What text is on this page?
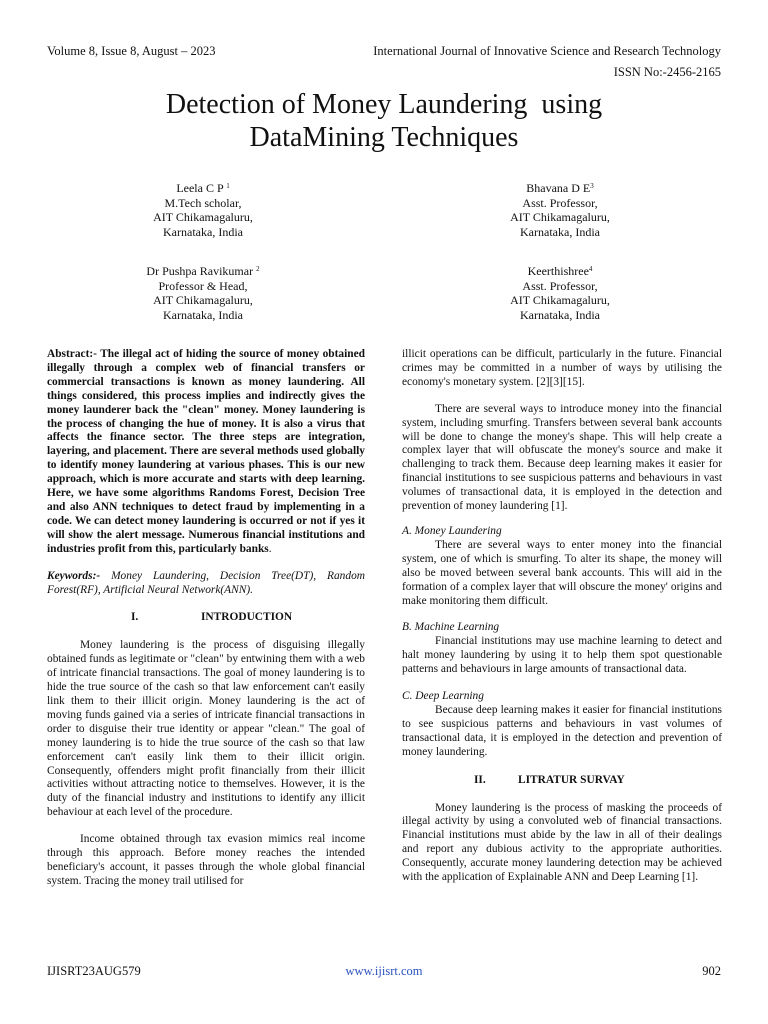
Volume 8, Issue 8, August – 2023	International Journal of Innovative Science and Research Technology
ISSN No:-2456-2165
Detection of Money Laundering  using
DataMining Techniques
Leela C P $^1$
M.Tech scholar,
AIT Chikamagaluru,
Karnataka, India
Bhavana D $E^3$
Asst. Professor,
AIT Chikamagaluru,
Karnataka, India
Dr Pushpa Ravikumar $^2$
Professor & Head,
AIT Chikamagaluru,
Karnataka, India
Keerthishree$^4$
Asst. Professor,
AIT Chikamagaluru,
Karnataka, India

Abstract:- The illegal act of hiding the source of money obtained illegally through a complex web of financial transfers or commercial transactions is known as money laundering. All things considered, this process implies and indirectly gives the money launderer back the "clean" money. Money laundering is the process of changing the hue of money. It is also a virus that affects the finance sector. The three steps are integration, layering, and placement. There are several methods used globally to identify money laundering at various phases. This is our new approach, which is more accurate and starts with deep learning. Here, we have some algorithms Randoms Forest, Decision Tree and also ANN techniques to detect fraud by implementing in a code. We can detect money laundering is occurred or not if yes it will show the alert message. Numerous financial institutions and industries profit from this, particularly banks.

Keywords:- Money Laundering, Decision Tree(DT), Random Forest(RF), Artificial Neural Network(ANN).

I.	INTRODUCTION

Money laundering is the process of disguising illegally obtained funds as legitimate or "clean" by entwining them with a web of intricate financial transactions. The goal of money laundering is to hide the true source of the cash so that law enforcement can't easily link them to their illicit origin. Money laundering is the act of moving funds gained via a series of intricate financial transactions in order to disguise their true identity or appear "clean." The goal of money laundering is to hide the true source of the cash so that law enforcement can't easily link them to their illicit origin. Consequently, offenders might profit financially from their illicit activities without attracting notice to themselves. However, it is the duty of the financial industry and institutions to identify any illicit behaviour at each level of the procedure.

Income obtained through tax evasion mimics real income through this approach. Before money reaches the intended beneficiary's account, it passes through the whole global financial system. Tracing the money trail utilised for

illicit operations can be difficult, particularly in the future. Financial crimes may be committed in a number of ways by utilising the economy's monetary system. [2][3][15].

There are several ways to introduce money into the financial system, including smurfing. Transfers between several bank accounts will be done to change the money's shape. This will help create a complex layer that will obfuscate the money's source and make it challenging to track them. Because deep learning makes it easier for financial institutions to see suspicious patterns and behaviours in vast volumes of transactional data, it is employed in the detection and prevention of money laundering [1].

A. Money Laundering

There are several ways to enter money into the financial system, one of which is smurfing. To alter its shape, the money will also be moved between several bank accounts. This will aid in the formation of a complex layer that will obscure the money' origins and make monitoring them difficult.

B. Machine Learning

Financial institutions may use machine learning to detect and halt money laundering by using it to help them spot questionable patterns and behaviours in large amounts of transactional data.

C. Deep Learning

Because deep learning makes it easier for financial institutions to see suspicious patterns and behaviours in vast volumes of transactional data, it is employed in the detection and prevention of money laundering.

II.	LITRATUR SURVAY

Money laundering is the process of masking the proceeds of illegal activity by using a convoluted web of financial transactions. Financial institutions must abide by the law in all of their dealings and report any dubious activity to the appropriate authorities. Consequently, accurate money laundering detection may be achieved with the application of Explainable ANN and Deep Learning [1].

IJISRT23AUG579	www.ijisrt.com	902
